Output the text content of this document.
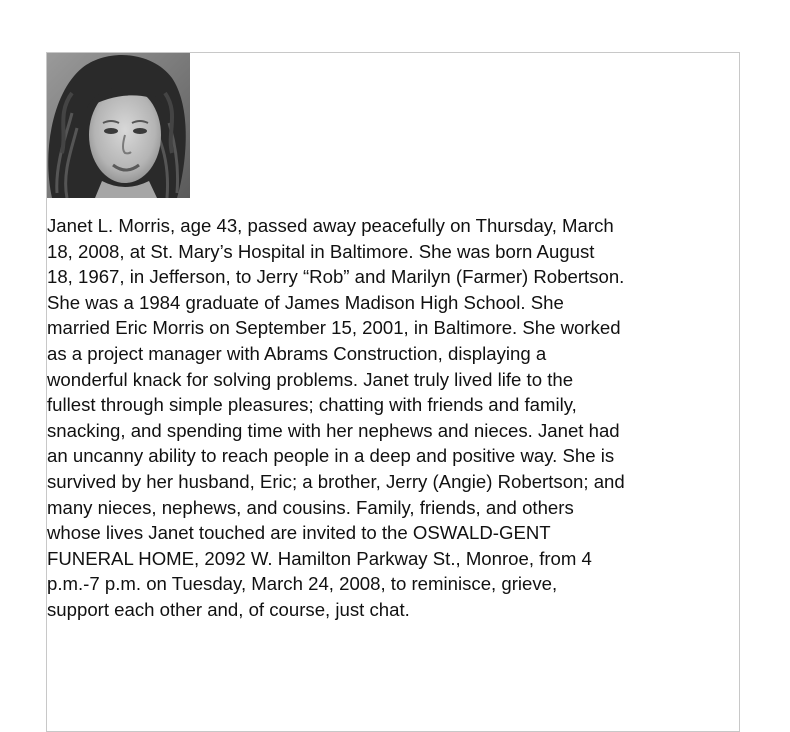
Janet L. Morris, age 43, passed away peacefully on Thursday, March
18, 2008, at St. Mary’s Hospital in Baltimore. She was born August
18, 1967, in Jefferson, to Jerry “Rob” and Marilyn (Farmer) Robertson.
She was a 1984 graduate of James Madison High School. She
married Eric Morris on September 15, 2001, in Baltimore. She worked
as a project manager with Abrams Construction, displaying a
wonderful knack for solving problems. Janet truly lived life to the
fullest through simple pleasures; chatting with friends and family,
snacking, and spending time with her nephews and nieces. Janet had
an uncanny ability to reach people in a deep and positive way. She is
survived by her husband, Eric; a brother, Jerry (Angie) Robertson; and
many nieces, nephews, and cousins. Family, friends, and others
whose lives Janet touched are invited to the OSWALD-GENT
FUNERAL HOME, 2092 W. Hamilton Parkway St., Monroe, from 4
p.m.-7 p.m. on Tuesday, March 24, 2008, to reminisce, grieve,
support each other and, of course, just chat.
